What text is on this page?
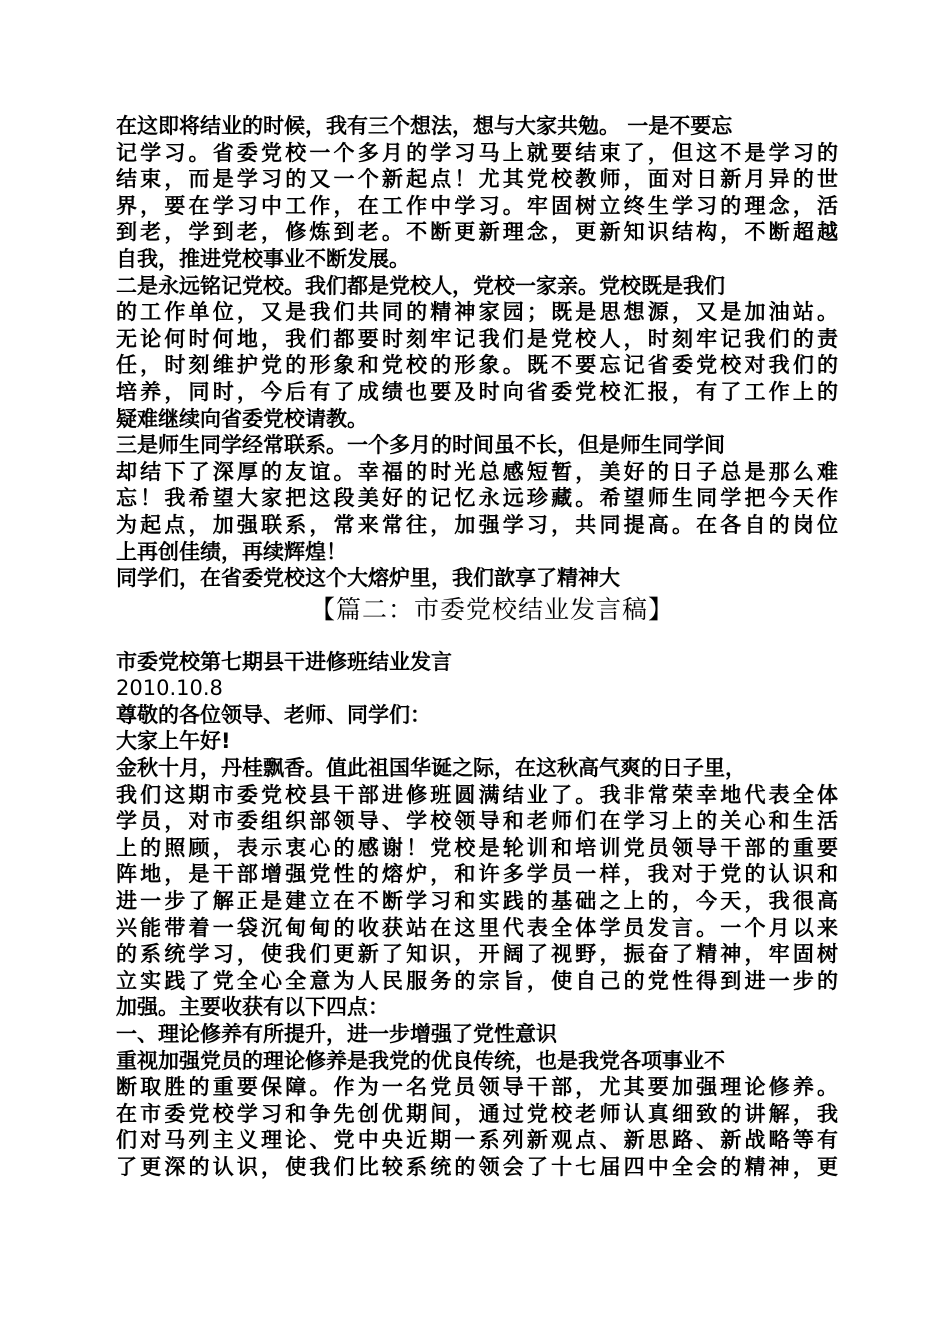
在这即将结业的时候，我有三个想法，想与大家共勉。 一是不要忘
记学习。省委党校一个多月的学习马上就要结束了，但这不是学习的
结束，而是学习的又一个新起点！尤其党校教师，面对日新月异的世
界，要在学习中工作，在工作中学习。牢固树立终生学习的理念，活
到老，学到老，修炼到老。不断更新理念，更新知识结构，不断超越
自我，推进党校事业不断发展。
二是永远铭记党校。我们都是党校人，党校一家亲。党校既是我们
的工作单位，又是我们共同的精神家园；既是思想源，又是加油站。
无论何时何地，我们都要时刻牢记我们是党校人，时刻牢记我们的责
任，时刻维护党的形象和党校的形象。既不要忘记省委党校对我们的
培养，同时，今后有了成绩也要及时向省委党校汇报，有了工作上的
疑难继续向省委党校请教。
三是师生同学经常联系。一个多月的时间虽不长，但是师生同学间
却结下了深厚的友谊。幸福的时光总感短暂，美好的日子总是那么难
忘！我希望大家把这段美好的记忆永远珍藏。希望师生同学把今天作
为起点，加强联系，常来常往，加强学习，共同提高。在各自的岗位
上再创佳绩，再续辉煌！
同学们，在省委党校这个大熔炉里，我们歆享了精神大
【篇二：市委党校结业发言稿】
市委党校第七期县干进修班结业发言
2010.10.8
尊敬的各位领导、老师、同学们：
大家上午好!
金秋十月，丹桂飘香。值此祖国华诞之际，在这秋高气爽的日子里，
我们这期市委党校县干部进修班圆满结业了。我非常荣幸地代表全体
学员，对市委组织部领导、学校领导和老师们在学习上的关心和生活
上的照顾，表示衷心的感谢！党校是轮训和培训党员领导干部的重要
阵地，是干部增强党性的熔炉，和许多学员一样，我对于党的认识和
进一步了解正是建立在不断学习和实践的基础之上的，今天，我很高
兴能带着一袋沉甸甸的收获站在这里代表全体学员发言。一个月以来
的系统学习，使我们更新了知识，开阔了视野，振奋了精神，牢固树
立实践了党全心全意为人民服务的宗旨，使自己的党性得到进一步的
加强。主要收获有以下四点：
一、理论修养有所提升，进一步增强了党性意识
重视加强党员的理论修养是我党的优良传统，也是我党各项事业不
断取胜的重要保障。作为一名党员领导干部，尤其要加强理论修养。
在市委党校学习和争先创优期间，通过党校老师认真细致的讲解，我
们对马列主义理论、党中央近期一系列新观点、新思路、新战略等有
了更深的认识，使我们比较系统的领会了十七届四中全会的精神，更
